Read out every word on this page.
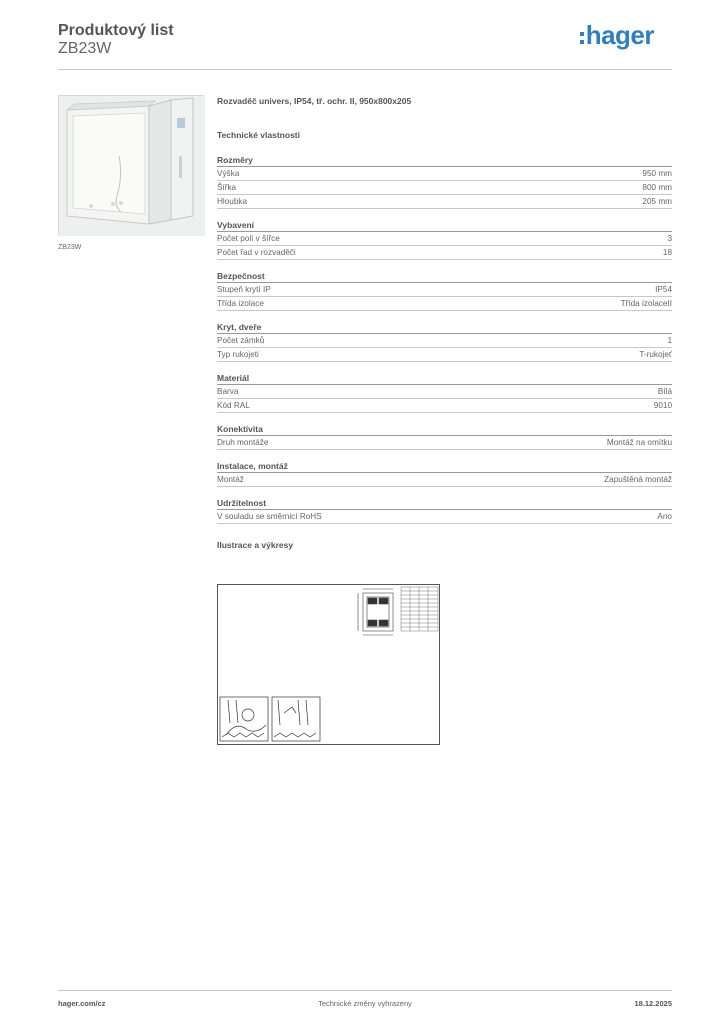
Produktový list
ZB23W	hager
ZB23W
Rozvaděč univers, IP54, tř. ochr. II, 950x800x205
Technické vlastnosti
Rozměry
Výška	950 mm
Šířka	800 mm
Hloubka	205 mm
Vybavení
Počet polí v šířce	3
Počet řad v rozvaděči	18
Bezpečnost
Stupeň krytí IP	IP54
Třída izolace	Třída izolaceII
Kryt, dveře
Počet zámků	1
Typ rukojeti	T-rukojeť
Materiál
Barva	Bílá
Kód RAL	9010
Konektivita
Druh montáže	Montáž na omítku
Instalace, montáž
Montáž	Zapuštěná montáž
Udržitelnost
V souladu se směrnicí RoHS	Ano
Ilustrace a výkresy
hager.com/cz	Technické změny vyhrazeny	18.12.2025
